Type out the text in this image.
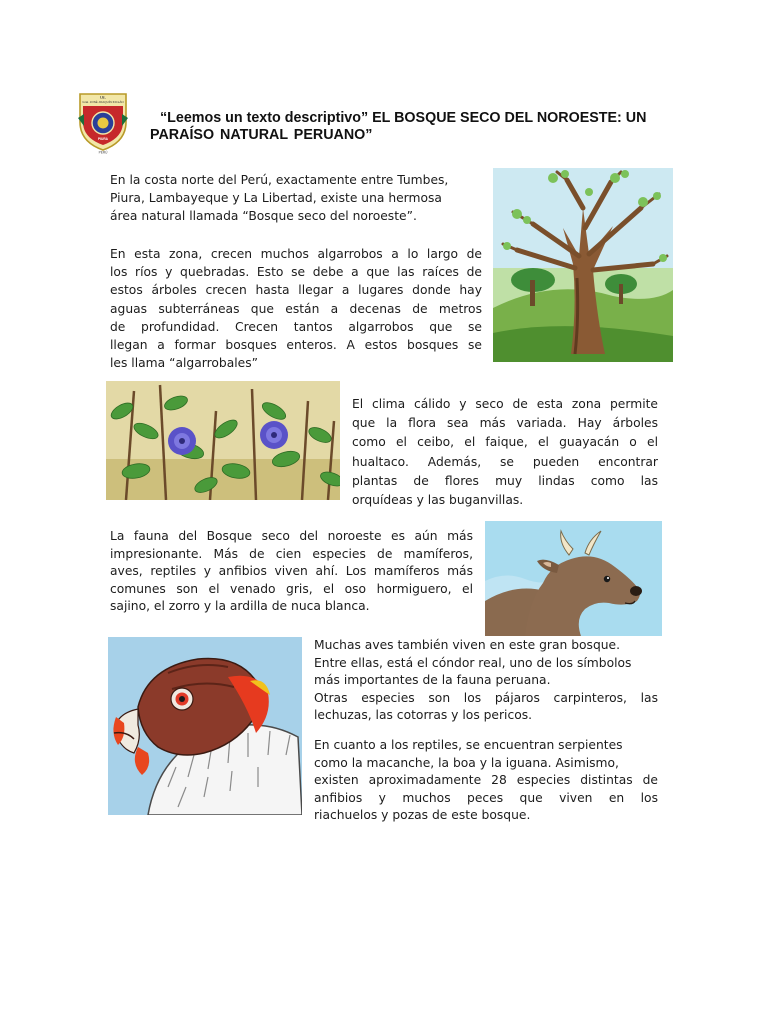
I.E.
Gral. JOSÉ JOAQUÍN INCLÁN
PIURA
PERÚ
“Leemos un texto descriptivo” EL BOSQUE SECO DEL NOROESTE: UN
PARAÍSO NATURAL PERUANO”
En la costa norte del Perú, exactamente entre Tumbes,
Piura, Lambayeque y La Libertad, existe una hermosa
área natural llamada “Bosque seco del noroeste”.
En esta zona, crecen muchos algarrobos a lo largo de
los ríos y quebradas. Esto se debe a que las raíces de
estos árboles crecen hasta llegar a lugares donde hay
aguas subterráneas que están a decenas de metros
de profundidad. Crecen tantos algarrobos que se
llegan a formar bosques enteros. A estos bosques se
les llama “algarrobales”
El clima cálido y seco de esta zona permite
que la flora sea más variada. Hay árboles
como el ceibo, el faique, el guayacán o el
hualtaco. Además, se pueden encontrar
plantas de flores muy lindas como las
orquídeas y las buganvillas.
La fauna del Bosque seco del noroeste es aún más
impresionante. Más de cien especies de mamíferos,
aves, reptiles y anfibios viven ahí. Los mamíferos más
comunes son el venado gris, el oso hormiguero, el
sajino, el zorro y la ardilla de nuca blanca.
Muchas aves también viven en este gran bosque.
Entre ellas, está el cóndor real, uno de los símbolos
más importantes de la fauna peruana.
Otras especies son los pájaros carpinteros, las
lechuzas, las cotorras y los pericos.
En cuanto a los reptiles, se encuentran serpientes
como la macanche, la boa y la iguana. Asimismo,
existen aproximadamente 28 especies distintas de
anfibios y muchos peces que viven en los
riachuelos y pozas de este bosque.
